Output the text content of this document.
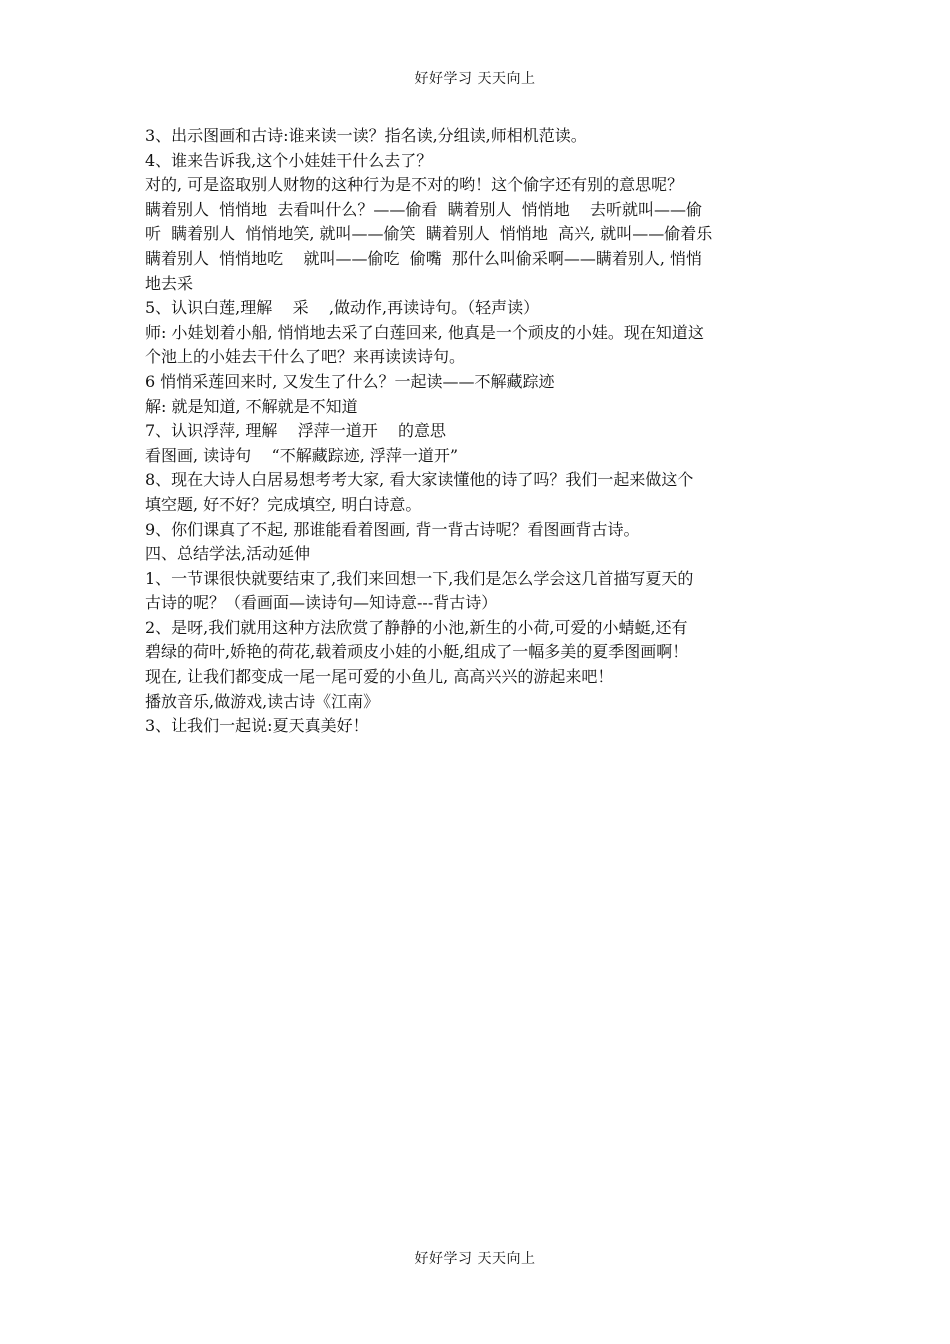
好好学习 天天向上
3、出示图画和古诗:谁来读一读？指名读,分组读,师相机范读。
4、谁来告诉我,这个小娃娃干什么去了？
对的, 可是盗取别人财物的这种行为是不对的哟！这个偷字还有别的意思呢？
瞒着别人  悄悄地  去看叫什么？——偷看  瞒着别人  悄悄地    去听就叫——偷
听  瞒着别人  悄悄地笑, 就叫——偷笑  瞒着别人  悄悄地  高兴, 就叫——偷着乐
瞒着别人  悄悄地吃    就叫——偷吃  偷嘴  那什么叫偷采啊——瞒着别人, 悄悄
地去采
5、认识白莲,理解    采    ,做动作,再读诗句。（轻声读）
师: 小娃划着小船, 悄悄地去采了白莲回来, 他真是一个顽皮的小娃。现在知道这
个池上的小娃去干什么了吧？来再读读诗句。
6 悄悄采莲回来时, 又发生了什么？一起读——不解藏踪迹
解: 就是知道, 不解就是不知道
7、认识浮萍, 理解    浮萍一道开    的意思
看图画, 读诗句    “不解藏踪迹, 浮萍一道开”
8、现在大诗人白居易想考考大家, 看大家读懂他的诗了吗？我们一起来做这个
填空题, 好不好？完成填空, 明白诗意。
9、你们课真了不起, 那谁能看着图画, 背一背古诗呢？看图画背古诗。
四、总结学法,活动延伸
1、一节课很快就要结束了,我们来回想一下,我们是怎么学会这几首描写夏天的
古诗的呢？（看画面—读诗句—知诗意---背古诗）
2、是呀,我们就用这种方法欣赏了静静的小池,新生的小荷,可爱的小蜻蜓,还有
碧绿的荷叶,娇艳的荷花,载着顽皮小娃的小艇,组成了一幅多美的夏季图画啊！
现在, 让我们都变成一尾一尾可爱的小鱼儿, 高高兴兴的游起来吧！
播放音乐,做游戏,读古诗《江南》
3、让我们一起说:夏天真美好！
好好学习 天天向上
